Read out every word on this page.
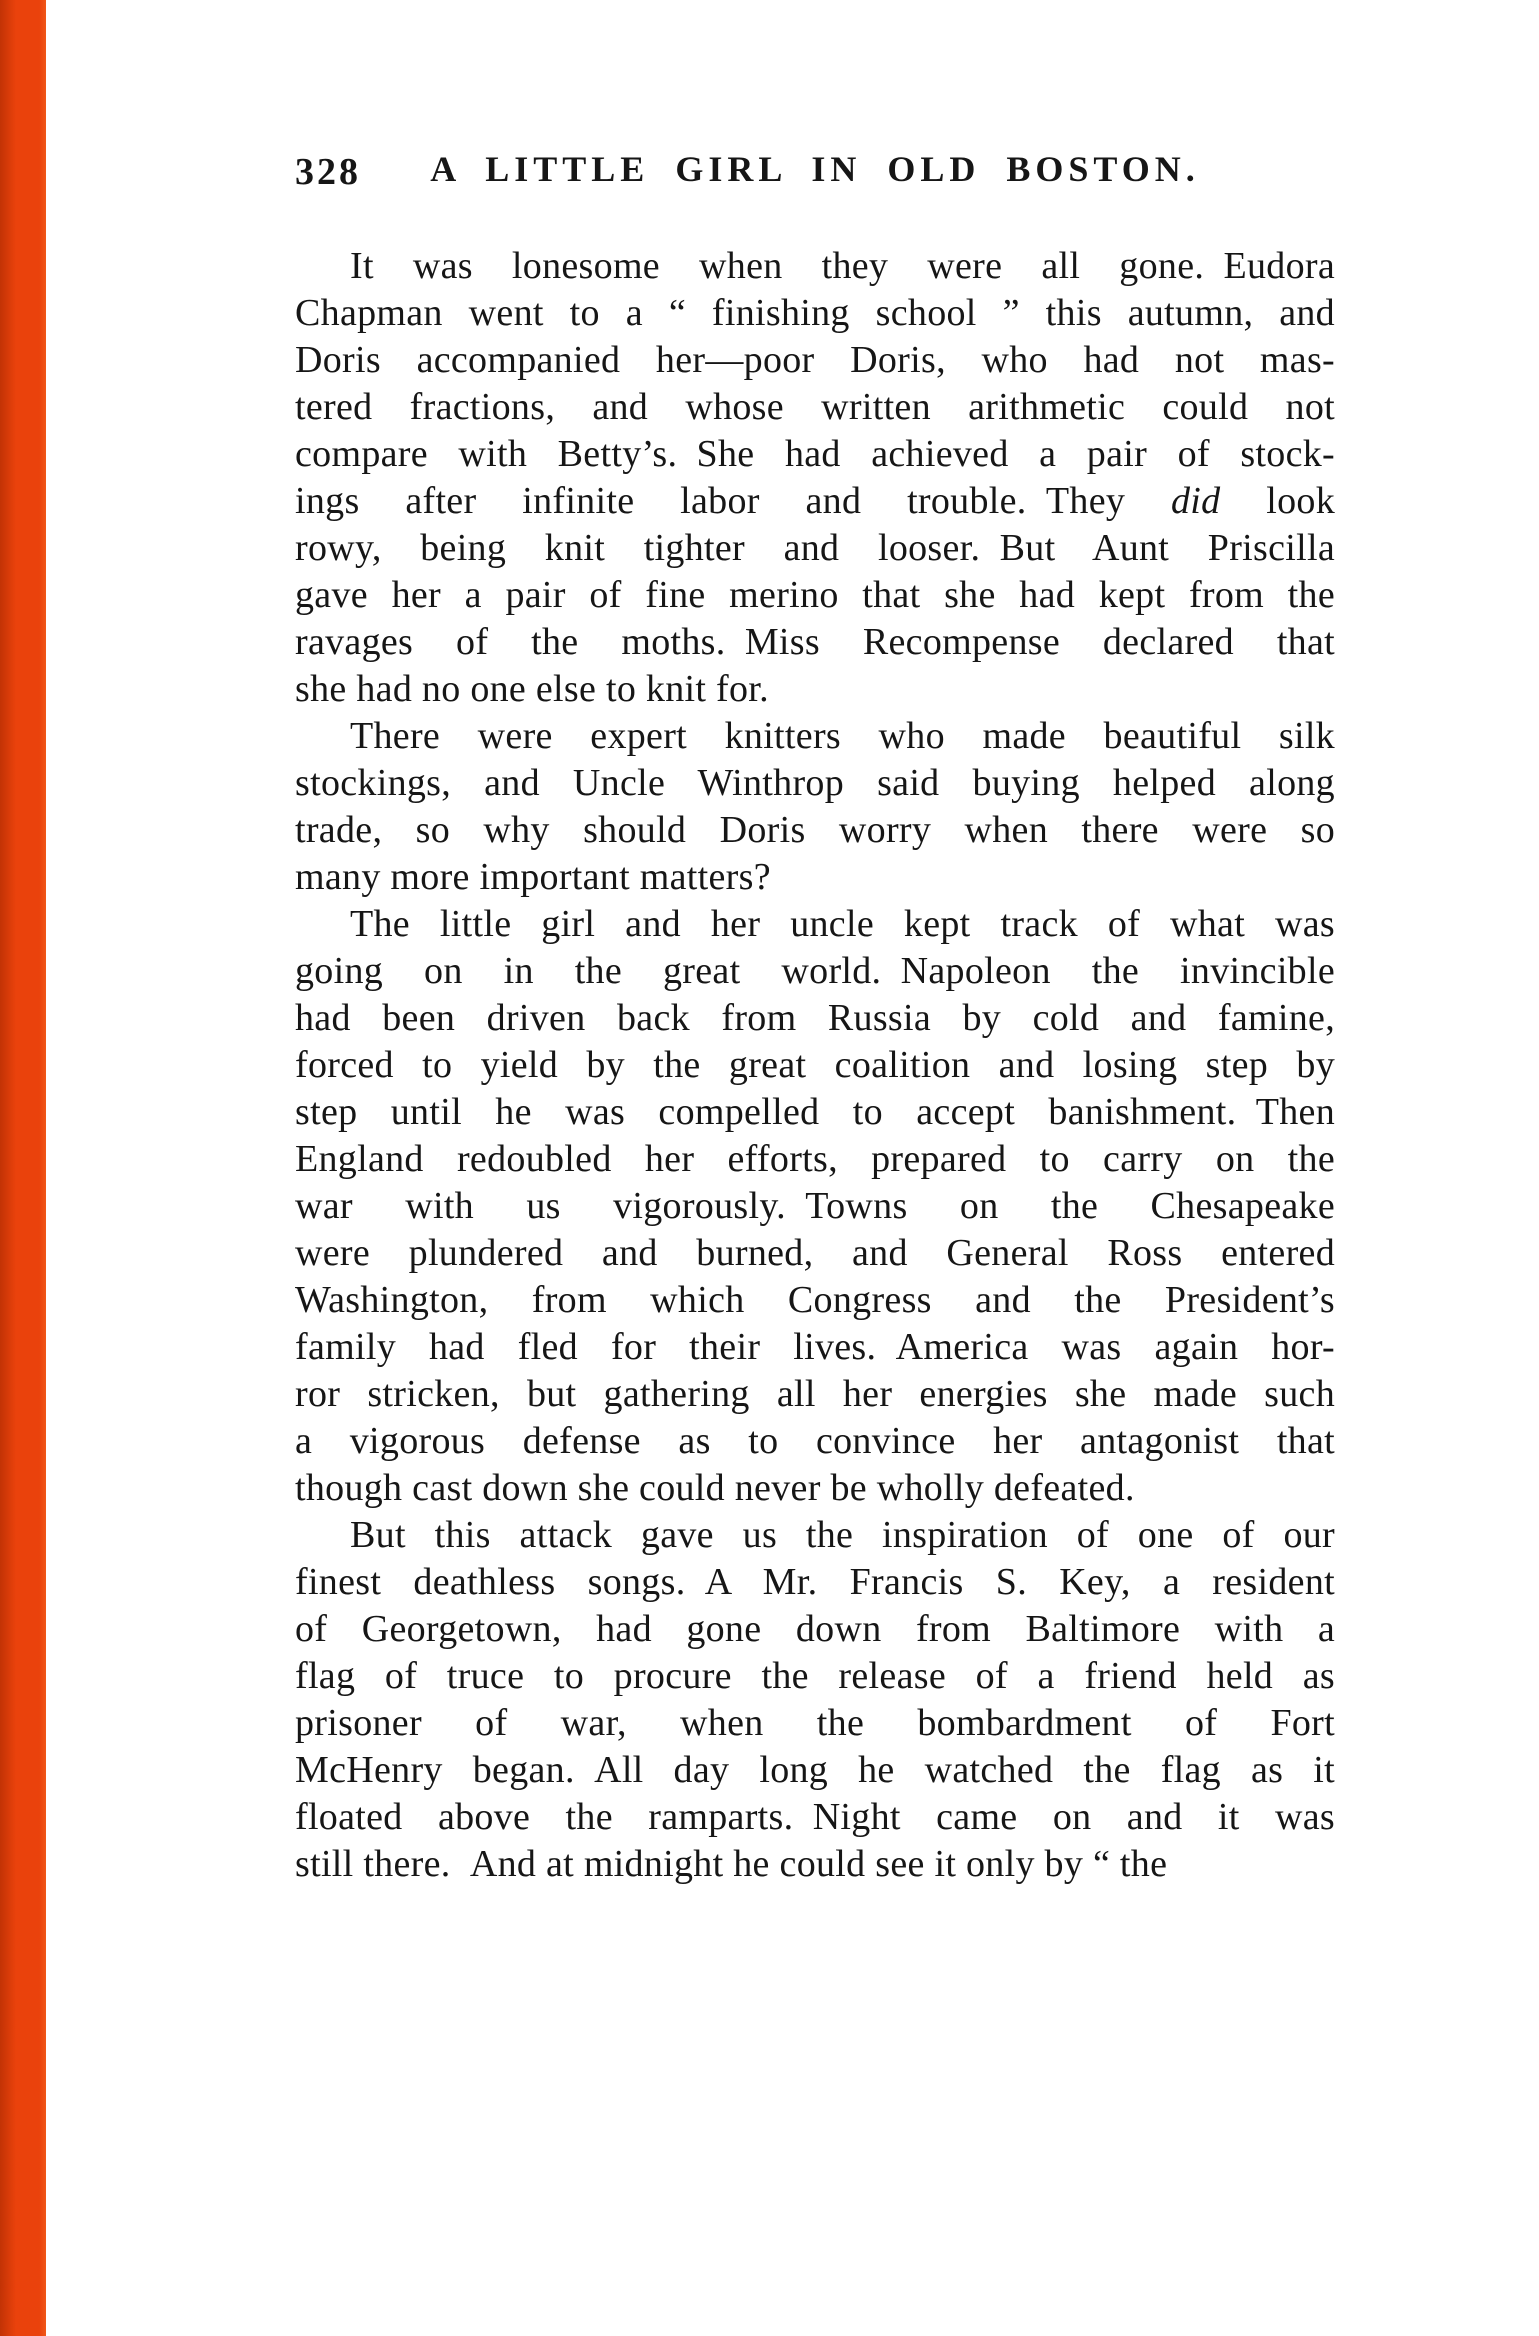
328	A LITTLE GIRL IN OLD BOSTON.
It was lonesome when they were all gone. Eudora
Chapman went to a “ finishing school ” this autumn, and
Doris accompanied her—poor Doris, who had not mas-
tered fractions, and whose written arithmetic could not
compare with Betty’s. She had achieved a pair of stock-
ings after infinite labor and trouble. They did look
rowy, being knit tighter and looser. But Aunt Priscilla
gave her a pair of fine merino that she had kept from the
ravages of the moths. Miss Recompense declared that
she had no one else to knit for.
There were expert knitters who made beautiful silk
stockings, and Uncle Winthrop said buying helped along
trade, so why should Doris worry when there were so
many more important matters?
The little girl and her uncle kept track of what was
going on in the great world. Napoleon the invincible
had been driven back from Russia by cold and famine,
forced to yield by the great coalition and losing step by
step until he was compelled to accept banishment. Then
England redoubled her efforts, prepared to carry on the
war with us vigorously. Towns on the Chesapeake
were plundered and burned, and General Ross entered
Washington, from which Congress and the President’s
family had fled for their lives. America was again hor-
ror stricken, but gathering all her energies she made such
a vigorous defense as to convince her antagonist that
though cast down she could never be wholly defeated.
But this attack gave us the inspiration of one of our
finest deathless songs. A Mr. Francis S. Key, a resident
of Georgetown, had gone down from Baltimore with a
flag of truce to procure the release of a friend held as
prisoner of war, when the bombardment of Fort
McHenry began. All day long he watched the flag as it
floated above the ramparts. Night came on and it was
still there. And at midnight he could see it only by “ the
